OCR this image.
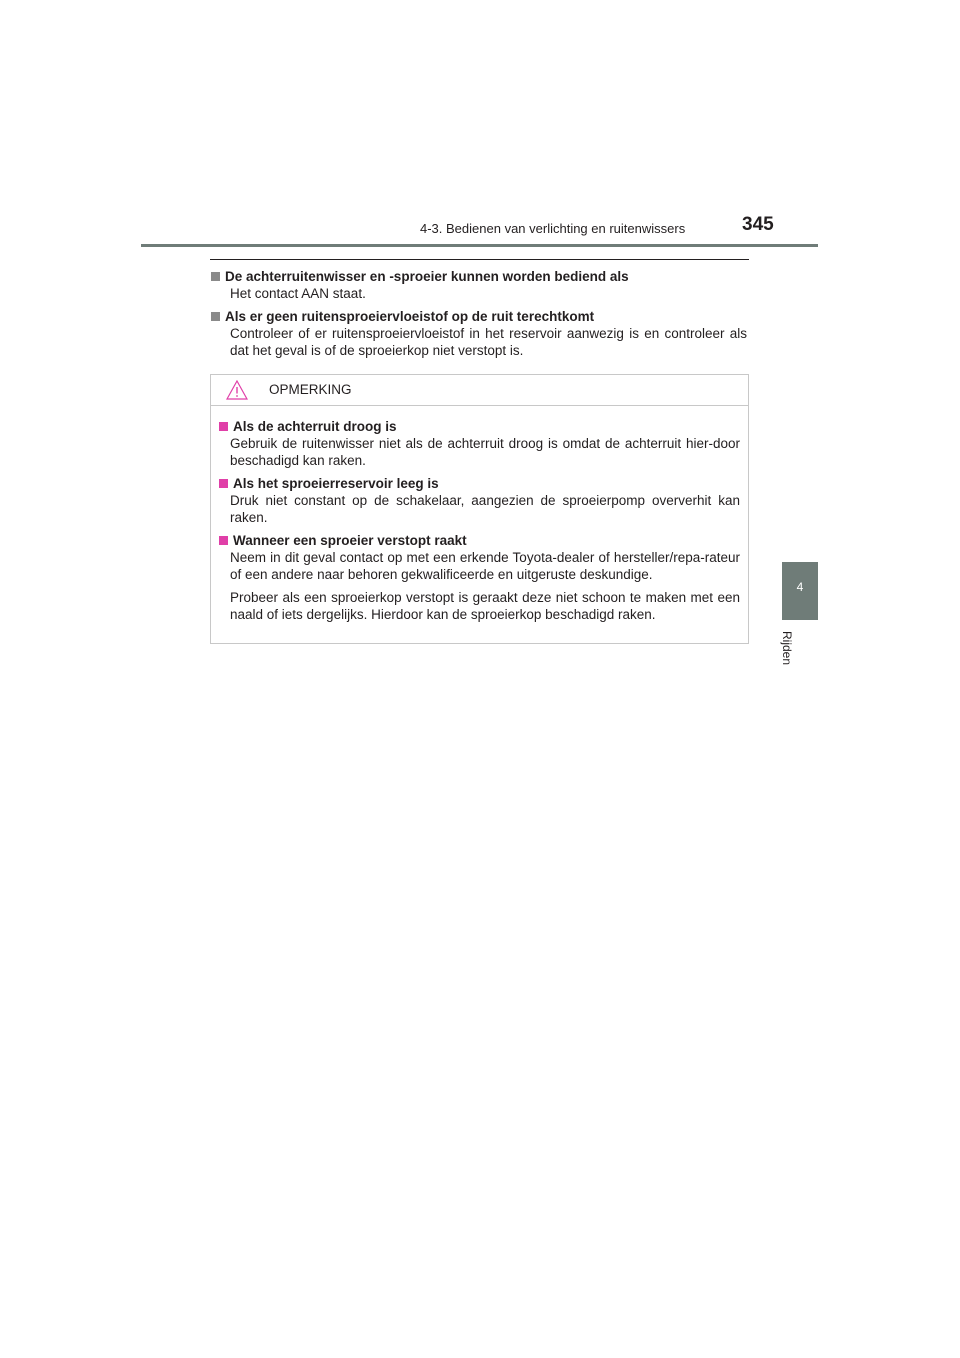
4-3. Bedienen van verlichting en ruitenwissers	345
4
Rijden
De achterruitenwisser en -sproeier kunnen worden bediend als
Het contact AAN staat.
Als er geen ruitensproeiervloeistof op de ruit terechtkomt
Controleer of er ruitensproeiervloeistof in het reservoir aanwezig is en controleer als dat het geval is of de sproeierkop niet verstopt is.
OPMERKING
Als de achterruit droog is
Gebruik de ruitenwisser niet als de achterruit droog is omdat de achterruit hier-door beschadigd kan raken.
Als het sproeierreservoir leeg is
Druk niet constant op de schakelaar, aangezien de sproeierpomp oververhit kan raken.
Wanneer een sproeier verstopt raakt
Neem in dit geval contact op met een erkende Toyota-dealer of hersteller/repa-rateur of een andere naar behoren gekwalificeerde en uitgeruste deskundige.
Probeer als een sproeierkop verstopt is geraakt deze niet schoon te maken met een naald of iets dergelijks. Hierdoor kan de sproeierkop beschadigd raken.
